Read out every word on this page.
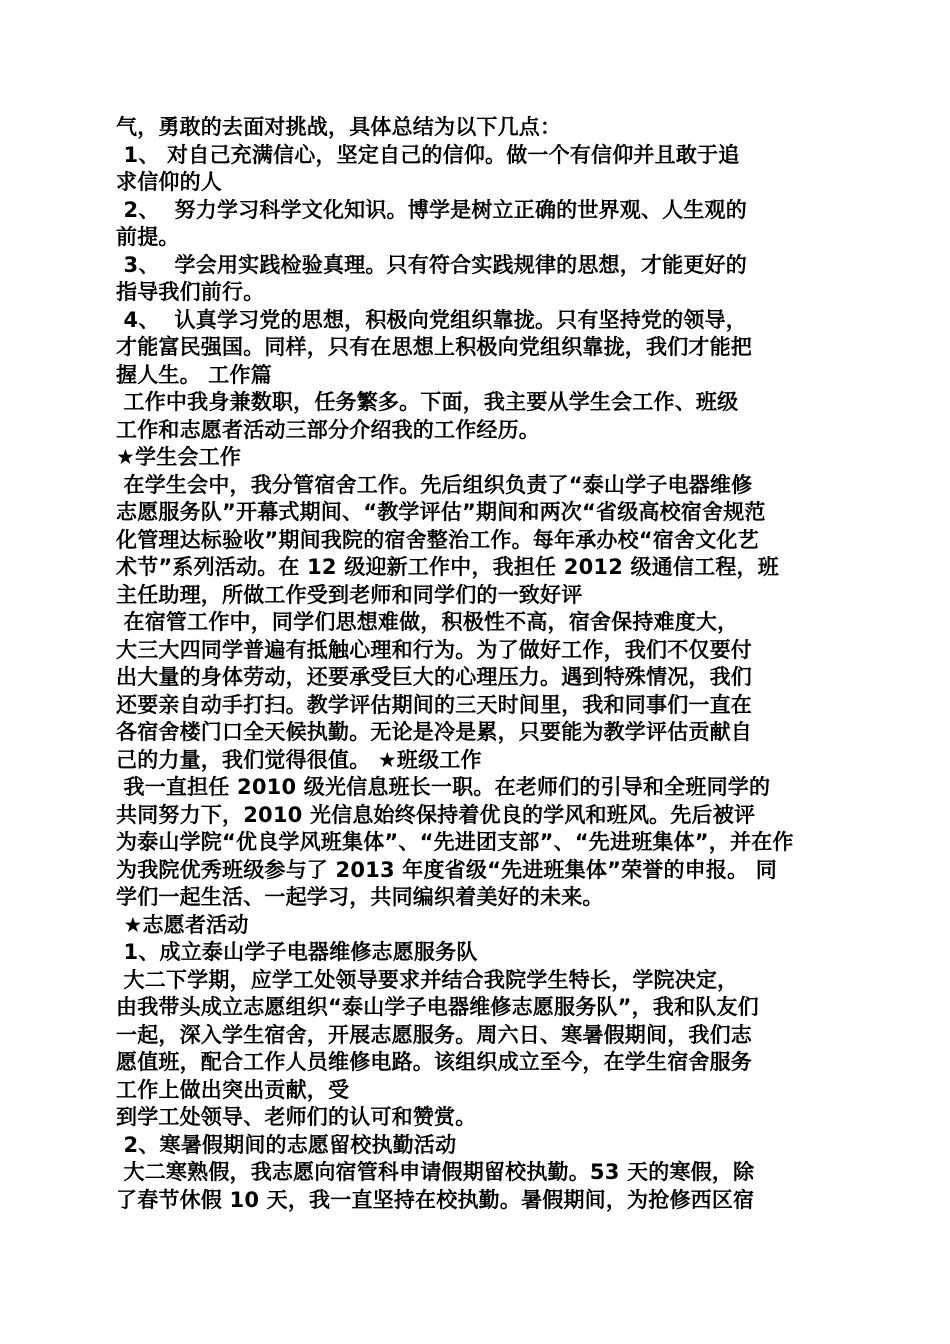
气，勇敢的去面对挑战，具体总结为以下几点：

1、 对自己充满信心，坚定自己的信仰。做一个有信仰并且敢于追

求信仰的人

2、  努力学习科学文化知识。博学是树立正确的世界观、人生观的

前提。

3、  学会用实践检验真理。只有符合实践规律的思想，才能更好的

指导我们前行。

4、  认真学习党的思想，积极向党组织靠拢。只有坚持党的领导，

才能富民强国。同样，只有在思想上积极向党组织靠拢，我们才能把

握人生。 工作篇

工作中我身兼数职，任务繁多。下面，我主要从学生会工作、班级

工作和志愿者活动三部分介绍我的工作经历。

★学生会工作

在学生会中，我分管宿舍工作。先后组织负责了“泰山学子电器维修

志愿服务队”开幕式期间、“教学评估”期间和两次“省级高校宿舍规范

化管理达标验收”期间我院的宿舍整治工作。每年承办校“宿舍文化艺

术节”系列活动。在 12 级迎新工作中，我担任 2012 级通信工程，班

主任助理，所做工作受到老师和同学们的一致好评

在宿管工作中，同学们思想难做，积极性不高，宿舍保持难度大，

大三大四同学普遍有抵触心理和行为。为了做好工作，我们不仅要付

出大量的身体劳动，还要承受巨大的心理压力。遇到特殊情况，我们

还要亲自动手打扫。教学评估期间的三天时间里，我和同事们一直在

各宿舍楼门口全天候执勤。无论是冷是累，只要能为教学评估贡献自

己的力量，我们觉得很值。 ★班级工作

我一直担任 2010 级光信息班长一职。在老师们的引导和全班同学的

共同努力下，2010 光信息始终保持着优良的学风和班风。先后被评

为泰山学院“优良学风班集体”、“先进团支部”、“先进班集体”，并在作

为我院优秀班级参与了 2013 年度省级“先进班集体”荣誉的申报。 同

学们一起生活、一起学习，共同编织着美好的未来。

★志愿者活动

1、成立泰山学子电器维修志愿服务队

大二下学期，应学工处领导要求并结合我院学生特长，学院决定，

由我带头成立志愿组织“泰山学子电器维修志愿服务队”，我和队友们

一起，深入学生宿舍，开展志愿服务。周六日、寒暑假期间，我们志

愿值班，配合工作人员维修电路。该组织成立至今，在学生宿舍服务

工作上做出突出贡献，受

到学工处领导、老师们的认可和赞赏。

2、寒暑假期间的志愿留校执勤活动

大二寒熟假，我志愿向宿管科申请假期留校执勤。53 天的寒假，除

了春节休假 10 天，我一直坚持在校执勤。暑假期间，为抢修西区宿
